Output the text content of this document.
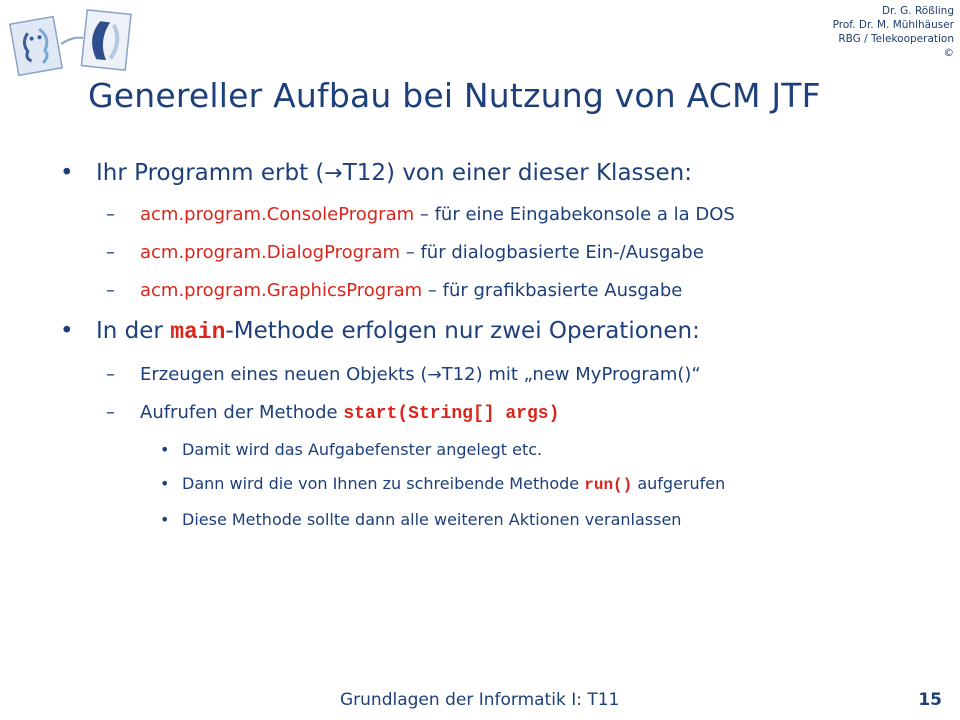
Dr. G. Rößling
Prof. Dr. M. Mühlhäuser
RBG / Telekooperation
©
Genereller Aufbau bei Nutzung von ACM JTF
• Ihr Programm erbt (→T12) von einer dieser Klassen:
– acm.program.ConsoleProgram – für eine Eingabekonsole a la DOS
– acm.program.DialogProgram – für dialogbasierte Ein-/Ausgabe
– acm.program.GraphicsProgram – für grafikbasierte Ausgabe
• In der main-Methode erfolgen nur zwei Operationen:
– Erzeugen eines neuen Objekts (→T12) mit „new MyProgram()“
– Aufrufen der Methode start(String[] args)
• Damit wird das Aufgabefenster angelegt etc.
• Dann wird die von Ihnen zu schreibende Methode run() aufgerufen
• Diese Methode sollte dann alle weiteren Aktionen veranlassen
Grundlagen der Informatik I: T11	15
